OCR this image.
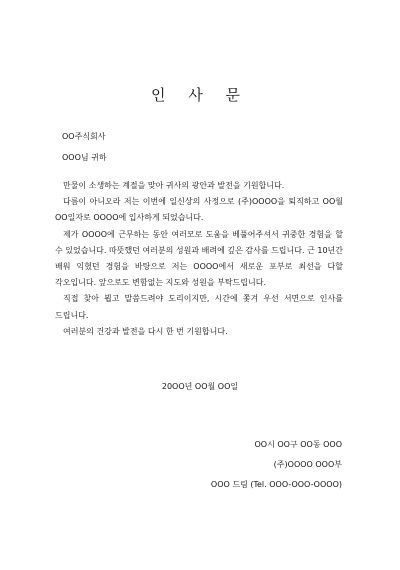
인 사 문
OO주식회사
OOO님 귀하

만물이 소생하는 계절을 맞아 귀사의 광안과 발전을 기원합니다.

다름이 아니오라 저는 이번에 일신상의 사정으로 (주)OOOO을 퇴직하고 OO월 OO일자로 OOOO에 입사하게 되었습니다.

제가 OOOO에 근무하는 동안 여러모로 도움을 베풀어주셔서 귀중한 경험을 할 수 있었습니다. 따뜻했던 여러분의 성원과 배려에 깊은 감사를 드립니다. 근 10년간 배워 익혔던 경험을 바탕으로 저는 OOOO에서 새로운 포부로 최선을 다할 각오입니다. 앞으로도 변함없는 지도와 성원을 부탁드립니다.

직접 찾아 뵙고 말씀드려야 도리이지만, 시간에 쫓겨 우선 서면으로 인사를 드립니다.

여러분의 건강과 발전을 다시 한 번 기원합니다.

20OO년 OO월 OO일
OO시 OO구 OO동 OOO
(주)OOOO OOO부
OOO 드림 (Tel. OOO-OOO-OOOO)
